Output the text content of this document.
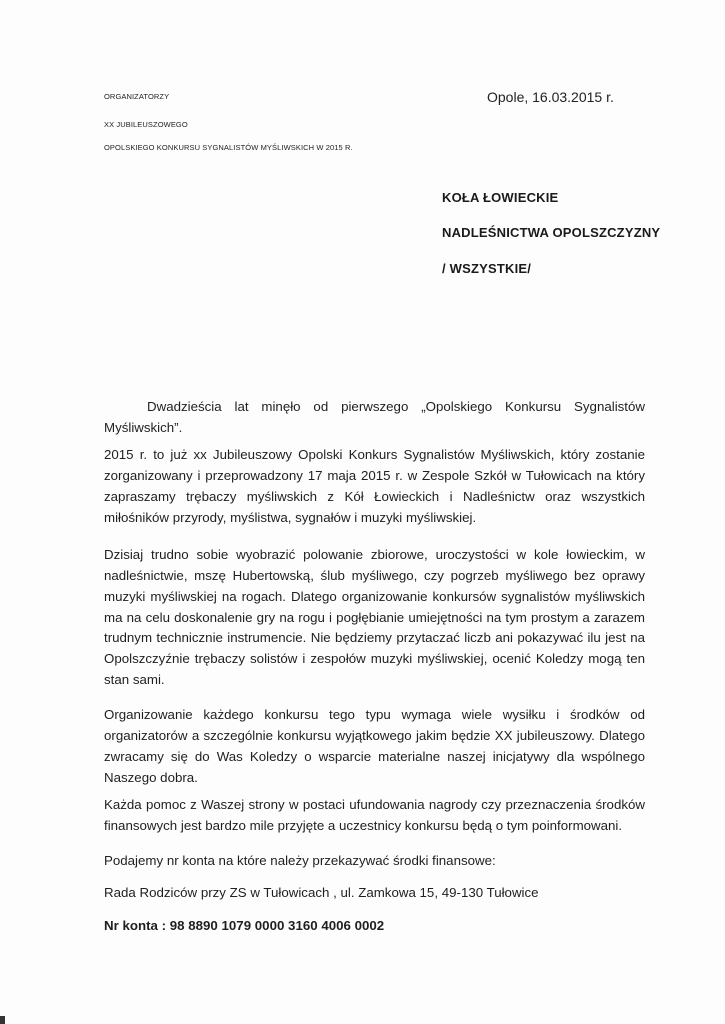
ORGANIZATORZY
XX JUBILEUSZOWEGO
OPOLSKIEGO KONKURSU SYGNALISTÓW MYŚLIWSKICH W 2015 R.
Opole, 16.03.2015 r.
KOŁA ŁOWIECKIE
NADLEŚNICTWA OPOLSZCZYZNY
/ WSZYSTKIE/

Dwadzieścia lat minęło od pierwszego „Opolskiego Konkursu Sygnalistów Myśliwskich”.

2015 r. to już xx Jubileuszowy Opolski Konkurs Sygnalistów Myśliwskich, który zostanie zorganizowany i przeprowadzony 17 maja 2015 r. w Zespole Szkół w Tułowicach na który zapraszamy trębaczy myśliwskich z Kół Łowieckich i Nadleśnictw oraz wszystkich miłośników przyrody, myślistwa, sygnałów i muzyki myśliwskiej.

Dzisiaj trudno sobie wyobrazić polowanie zbiorowe, uroczystości w kole łowieckim, w nadleśnictwie, mszę Hubertowską, ślub myśliwego, czy pogrzeb myśliwego bez oprawy muzyki myśliwskiej na rogach. Dlatego organizowanie konkursów sygnalistów myśliwskich ma na celu doskonalenie gry na rogu i pogłębianie umiejętności na tym prostym a zarazem trudnym technicznie instrumencie. Nie będziemy przytaczać liczb ani pokazywać ilu jest na Opolszczyźnie trębaczy solistów i zespołów muzyki myśliwskiej, ocenić Koledzy mogą ten stan sami.

Organizowanie każdego konkursu tego typu wymaga wiele wysiłku i środków od organizatorów a szczególnie konkursu wyjątkowego jakim będzie XX jubileuszowy. Dlatego zwracamy się do Was Koledzy o wsparcie materialne naszej inicjatywy dla wspólnego Naszego dobra.

Każda pomoc z Waszej strony w postaci ufundowania nagrody czy przeznaczenia środków finansowych jest bardzo mile przyjęte a uczestnicy konkursu będą o tym poinformowani.

Podajemy nr konta na które należy przekazywać środki finansowe:

Rada Rodziców przy ZS w Tułowicach , ul. Zamkowa 15, 49-130 Tułowice

Nr konta : 98 8890 1079 0000 3160 4006 0002
